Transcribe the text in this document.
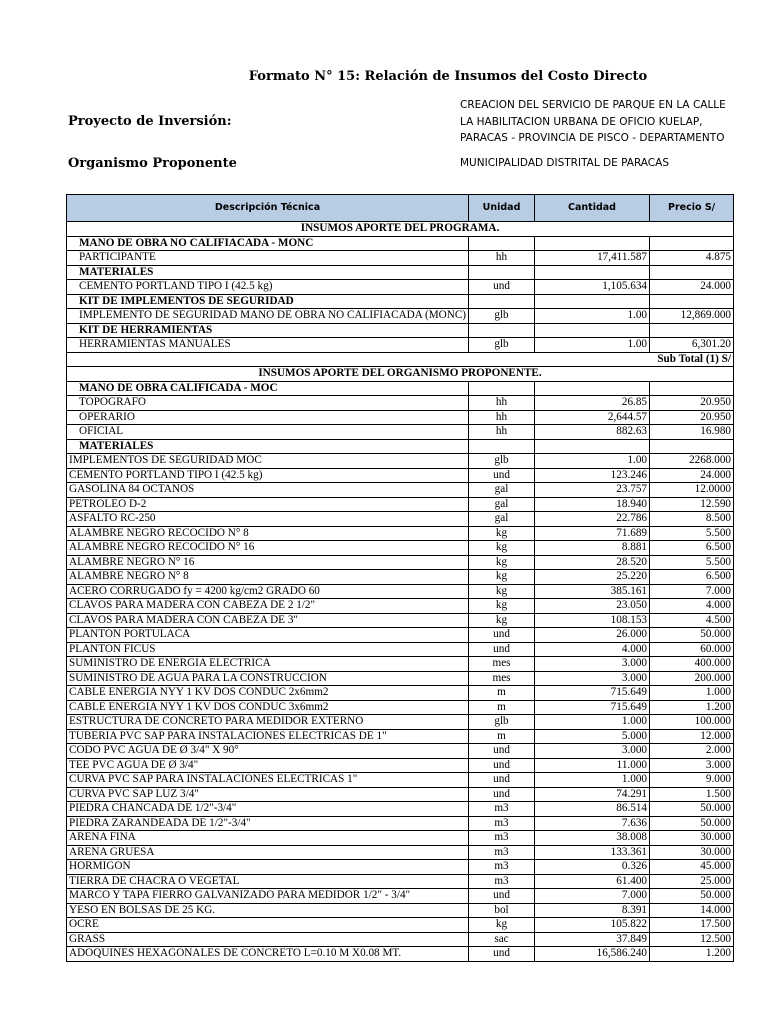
Formato N° 15: Relación de Insumos del Costo Directo
Proyecto de Inversión:
CREACION DEL SERVICIO DE PARQUE EN LA CALLE
LA HABILITACION URBANA DE OFICIO KUELAP,
PARACAS - PROVINCIA DE PISCO - DEPARTAMENTO
Organismo Proponente	MUNICIPALIDAD DISTRITAL DE PARACAS
Descripción Técnica	Unidad	Cantidad	Precio S/
INSUMOS APORTE DEL PROGRAMA.			
MANO DE OBRA NO CALIFIACADA - MONC			
PARTICIPANTE	hh	17,411.587	4.875
MATERIALES			
CEMENTO PORTLAND TIPO I (42.5 kg)	und	1,105.634	24.000
KIT DE IMPLEMENTOS DE SEGURIDAD			
IMPLEMENTO DE SEGURIDAD MANO DE OBRA NO CALIFIACADA (MONC)	glb	1.00	12,869.000
KIT DE HERRAMIENTAS			
HERRAMIENTAS MANUALES	glb	1.00	6,301.20
Sub Total (1) S/			
INSUMOS APORTE DEL ORGANISMO PROPONENTE.			
MANO DE OBRA CALIFICADA - MOC			
TOPOGRAFO	hh	26.85	20.950
OPERARIO	hh	2,644.57	20.950
OFICIAL	hh	882.63	16.980
MATERIALES			
IMPLEMENTOS DE SEGURIDAD MOC	glb	1.00	2268.000
CEMENTO PORTLAND TIPO I (42.5 kg)	und	123.246	24.000
GASOLINA 84 OCTANOS	gal	23.757	12.0000
PETROLEO D-2	gal	18.940	12.590
ASFALTO RC-250	gal	22.786	8.500
ALAMBRE NEGRO RECOCIDO N° 8	kg	71.689	5.500
ALAMBRE NEGRO RECOCIDO N° 16	kg	8.881	6.500
ALAMBRE NEGRO N° 16	kg	28.520	5.500
ALAMBRE NEGRO N° 8	kg	25.220	6.500
ACERO CORRUGADO fy = 4200 kg/cm2 GRADO 60	kg	385.161	7.000
CLAVOS PARA MADERA CON CABEZA DE 2 1/2"	kg	23.050	4.000
CLAVOS PARA MADERA CON CABEZA DE 3"	kg	108.153	4.500
PLANTON PORTULACA	und	26.000	50.000
PLANTON FICUS	und	4.000	60.000
SUMINISTRO DE ENERGIA ELECTRICA	mes	3.000	400.000
SUMINISTRO DE AGUA PARA LA CONSTRUCCION	mes	3.000	200.000
CABLE ENERGIA NYY 1 KV DOS CONDUC 2x6mm2	m	715.649	1.000
CABLE ENERGIA NYY 1 KV DOS CONDUC 3x6mm2	m	715.649	1.200
ESTRUCTURA DE CONCRETO PARA MEDIDOR EXTERNO	glb	1.000	100.000
TUBERIA PVC SAP PARA INSTALACIONES ELECTRICAS DE 1"	m	5.000	12.000
CODO PVC AGUA DE Ø 3/4" X 90°	und	3.000	2.000
TEE PVC AGUA DE Ø 3/4"	und	11.000	3.000
CURVA PVC SAP PARA INSTALACIONES ELECTRICAS 1"	und	1.000	9.000
CURVA PVC SAP LUZ 3/4"	und	74.291	1.500
PIEDRA CHANCADA DE 1/2"-3/4"	m3	86.514	50.000
PIEDRA ZARANDEADA DE 1/2"-3/4"	m3	7.636	50.000
ARENA FINA	m3	38.008	30.000
ARENA GRUESA	m3	133.361	30.000
HORMIGON	m3	0.326	45.000
TIERRA DE CHACRA O VEGETAL	m3	61.400	25.000
MARCO Y TAPA FIERRO GALVANIZADO PARA MEDIDOR 1/2" - 3/4"	und	7.000	50.000
YESO EN BOLSAS DE 25 KG.	bol	8.391	14.000
OCRE	kg	105.822	17.500
GRASS	sac	37.849	12.500
ADOQUINES HEXAGONALES DE CONCRETO L=0.10 M X0.08 MT.	und	16,586.240	1.200
